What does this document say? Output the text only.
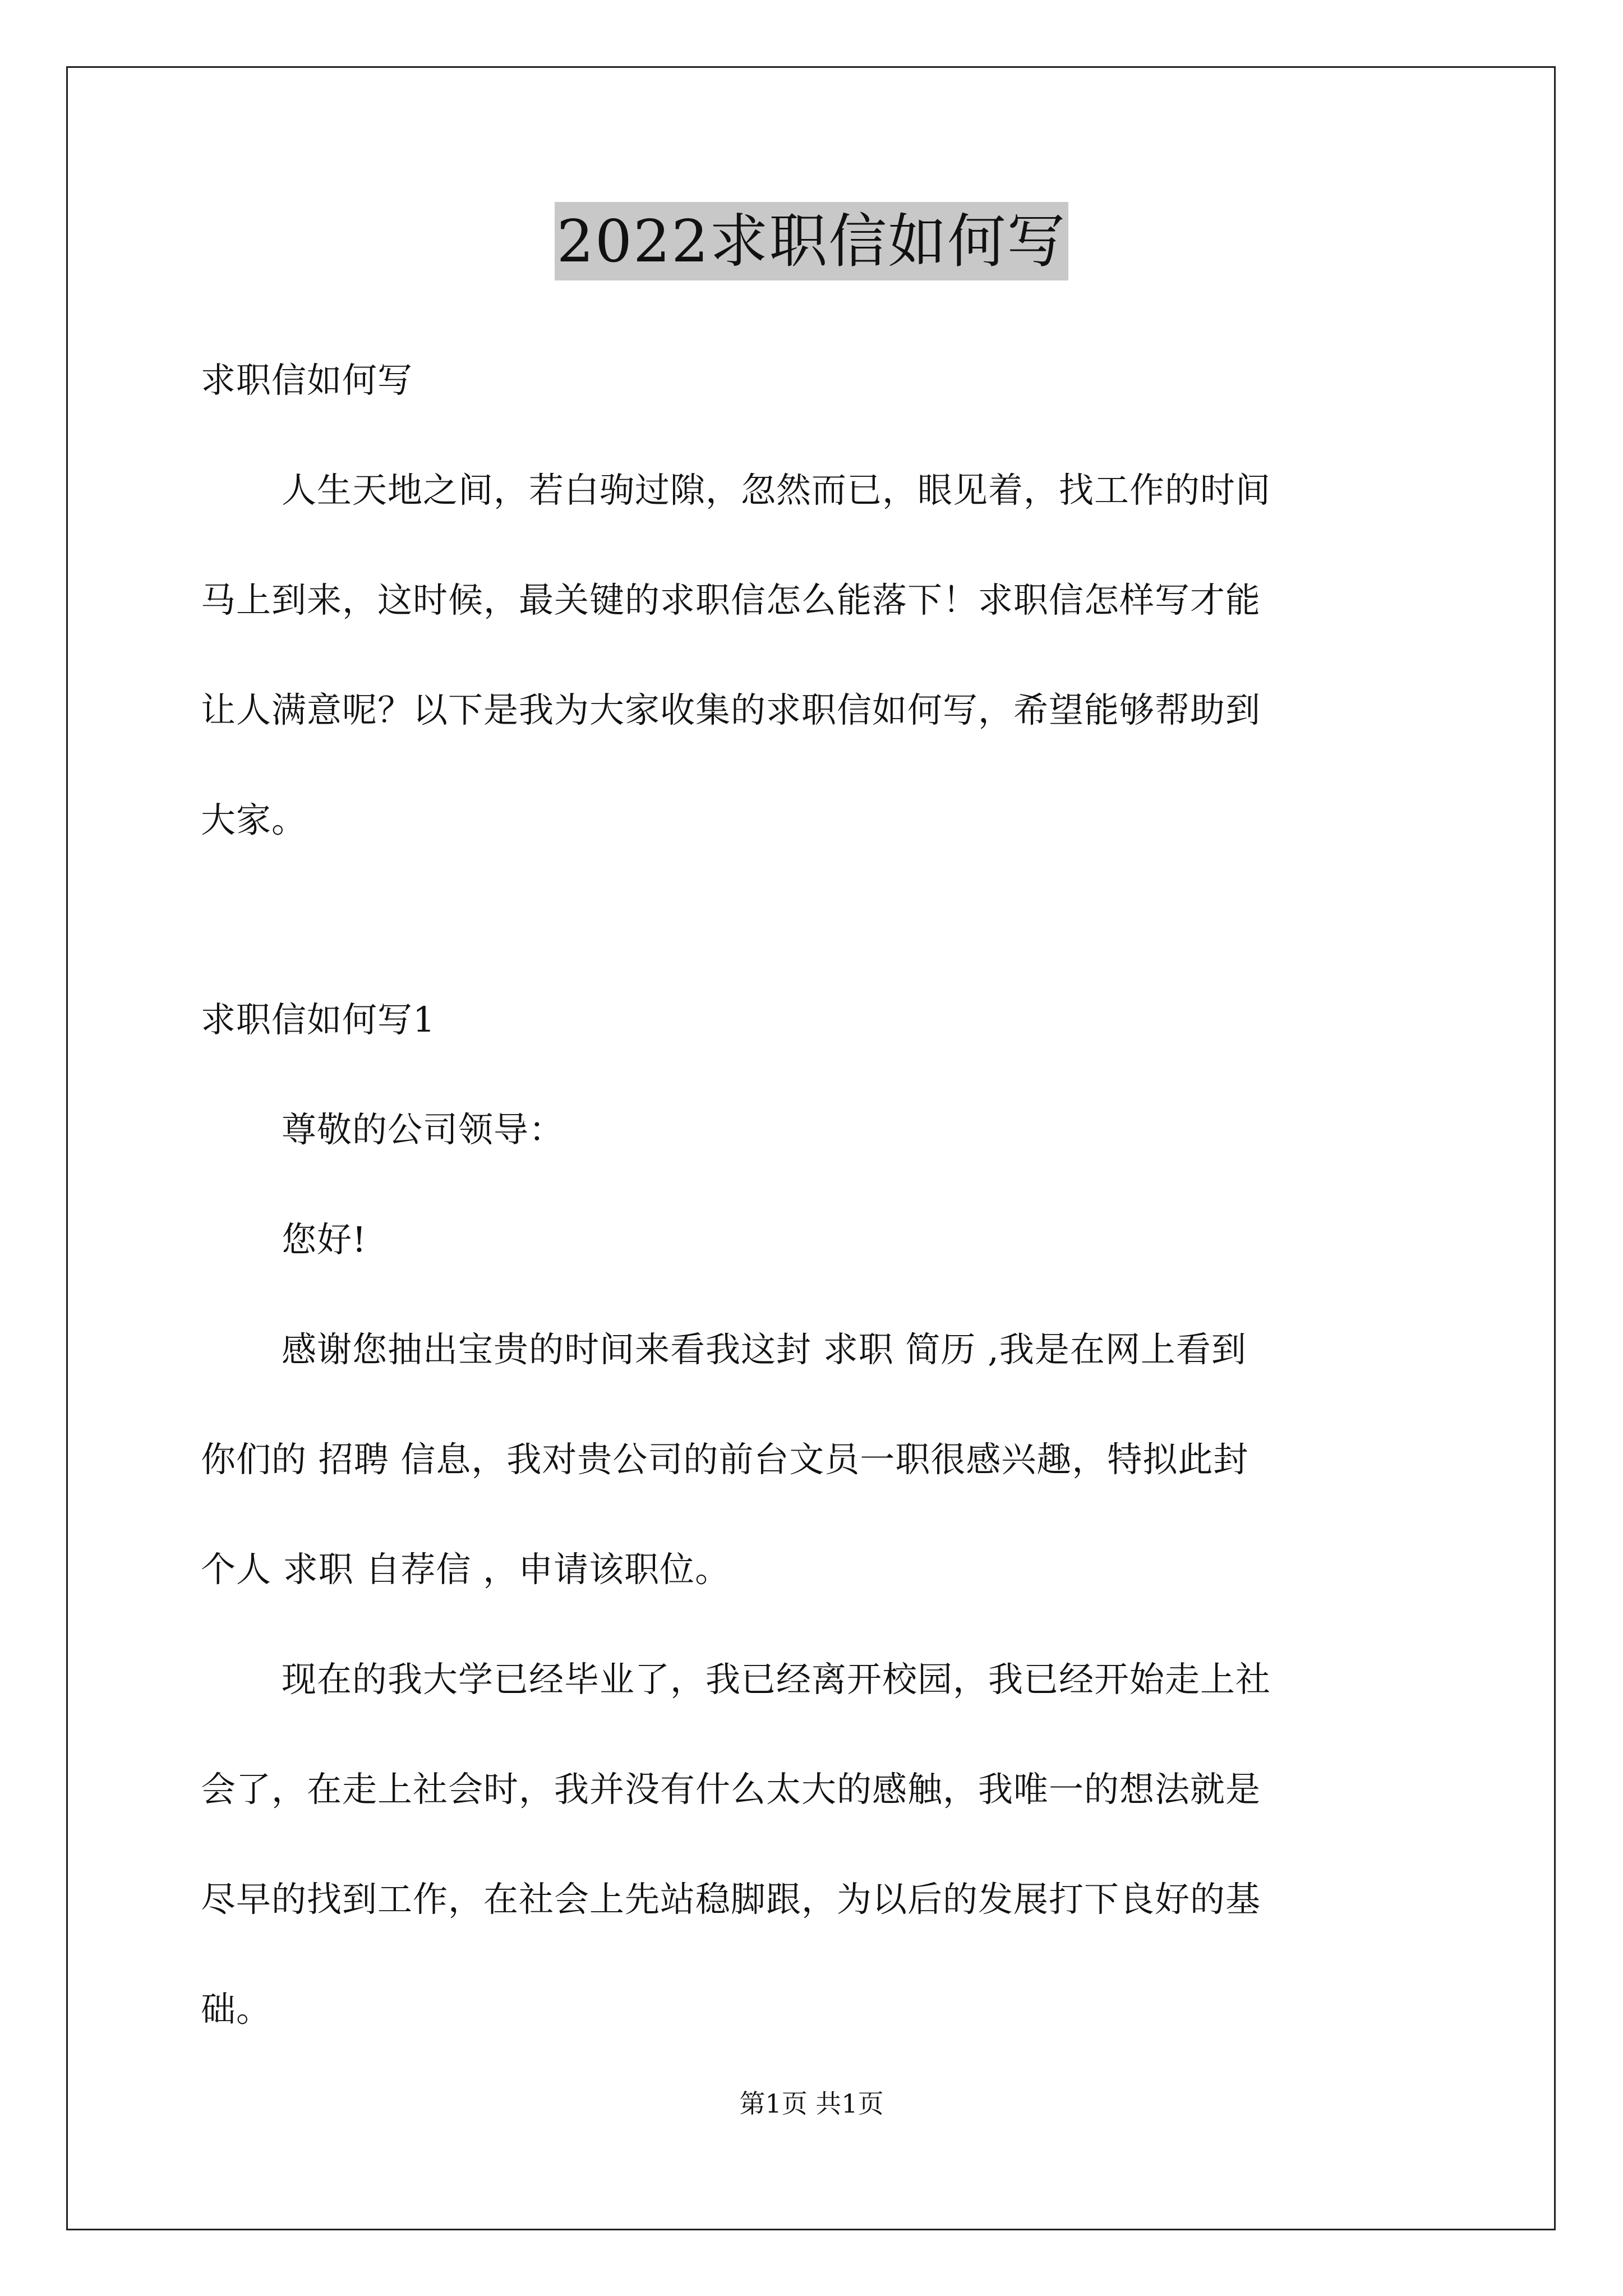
2022求职信如何写
求职信如何写
人生天地之间，若白驹过隙，忽然而已，眼见着，找工作的时间
马上到来，这时候，最关键的求职信怎么能落下！求职信怎样写才能
让人满意呢？以下是我为大家收集的求职信如何写，希望能够帮助到
大家。
求职信如何写1
尊敬的公司领导：
您好!
感谢您抽出宝贵的时间来看我这封 求职 简历 ,我是在网上看到
你们的 招聘 信息，我对贵公司的前台文员一职很感兴趣，特拟此封
个人 求职 自荐信 ，申请该职位。
现在的我大学已经毕业了，我已经离开校园，我已经开始走上社
会了，在走上社会时，我并没有什么太大的感触，我唯一的想法就是
尽早的找到工作，在社会上先站稳脚跟，为以后的发展打下良好的基
础。
第1页 共1页
